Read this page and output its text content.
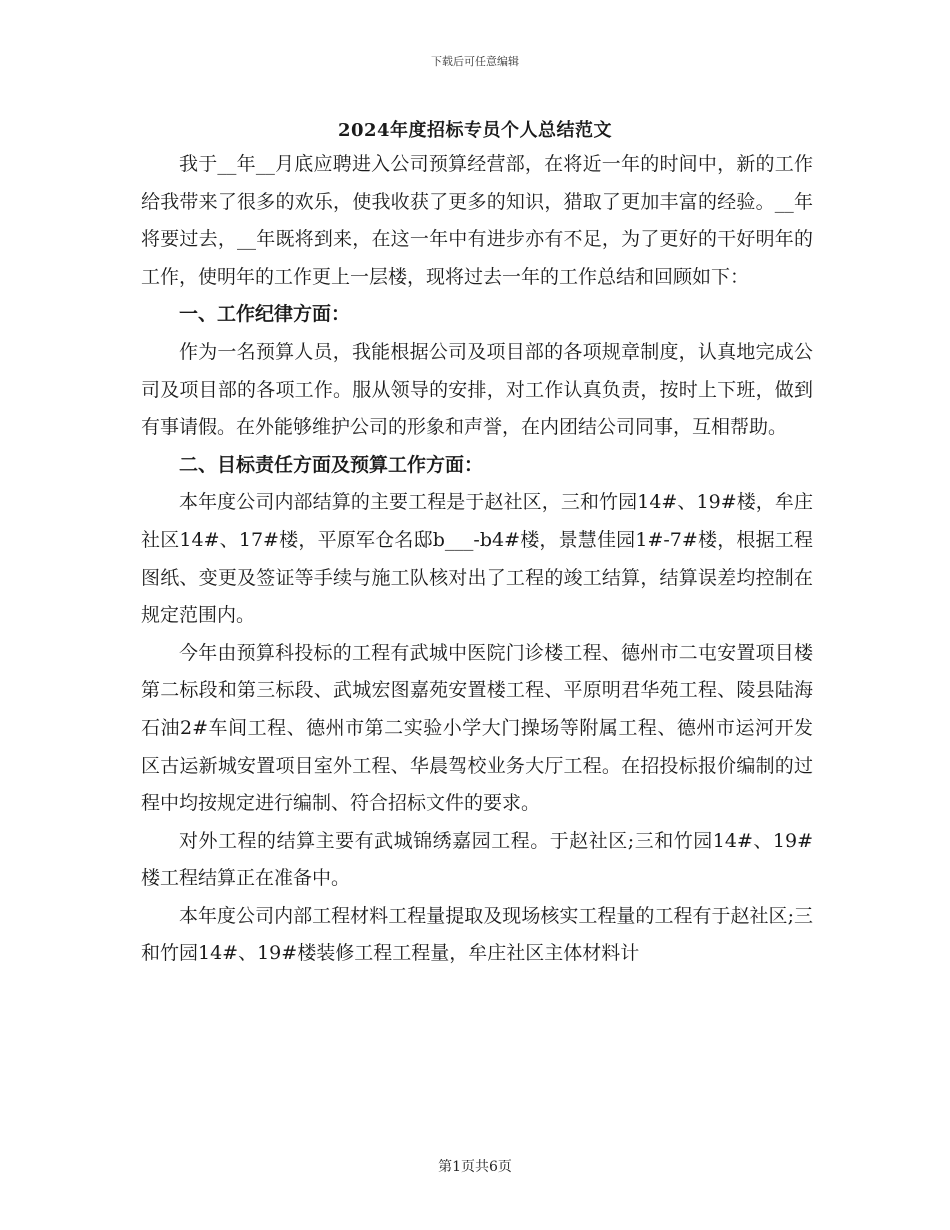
下载后可任意编辑
2024年度招标专员个人总结范文

我于__年__月底应聘进入公司预算经营部，在将近一年的时间中，新的工作给我带来了很多的欢乐，使我收获了更多的知识，猎取了更加丰富的经验。__年将要过去，__年既将到来，在这一年中有进步亦有不足，为了更好的干好明年的工作，使明年的工作更上一层楼，现将过去一年的工作总结和回顾如下：

一、工作纪律方面：

作为一名预算人员，我能根据公司及项目部的各项规章制度，认真地完成公司及项目部的各项工作。服从领导的安排，对工作认真负责，按时上下班，做到有事请假。在外能够维护公司的形象和声誉，在内团结公司同事，互相帮助。

二、目标责任方面及预算工作方面：

本年度公司内部结算的主要工程是于赵社区，三和竹园14#、19#楼，牟庄社区14#、17#楼，平原军仓名邸b___-b4#楼，景慧佳园1#-7#楼，根据工程图纸、变更及签证等手续与施工队核对出了工程的竣工结算，结算误差均控制在规定范围内。

今年由预算科投标的工程有武城中医院门诊楼工程、德州市二屯安置项目楼第二标段和第三标段、武城宏图嘉苑安置楼工程、平原明君华苑工程、陵县陆海石油2#车间工程、德州市第二实验小学大门操场等附属工程、德州市运河开发区古运新城安置项目室外工程、华晨驾校业务大厅工程。在招投标报价编制的过程中均按规定进行编制、符合招标文件的要求。

对外工程的结算主要有武城锦绣嘉园工程。于赵社区;三和竹园14#、19#楼工程结算正在准备中。

本年度公司内部工程材料工程量提取及现场核实工程量的工程有于赵社区;三和竹园14#、19#楼装修工程工程量，牟庄社区主体材料计

第1页共6页
